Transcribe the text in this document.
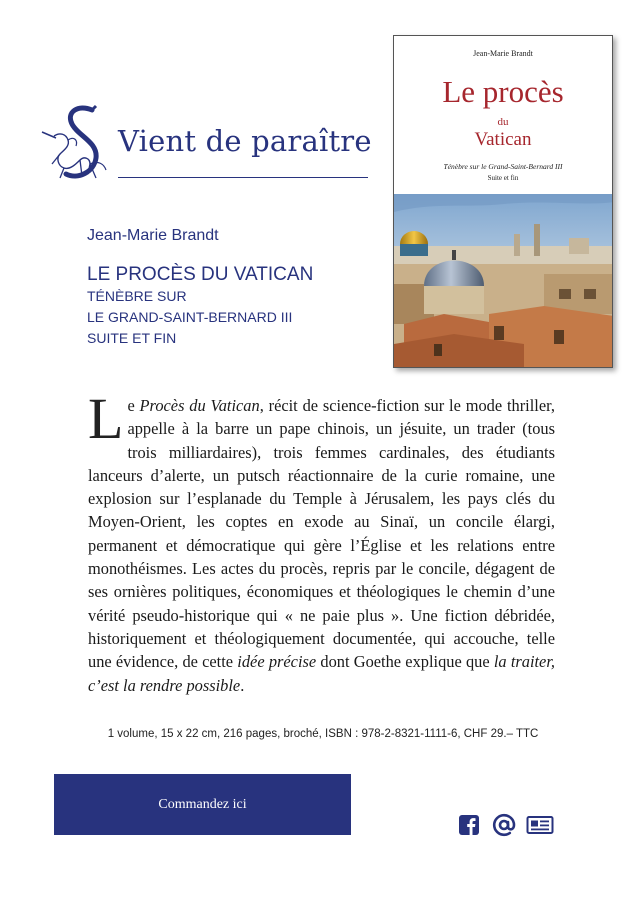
Vient de paraître
Jean-Marie Brandt
LE PROCÈS DU VATICAN
TÉNÈBRE SUR
LE GRAND-SAINT-BERNARD III
SUITE ET FIN
Jean-Marie Brandt
Le procès
du
Vatican
Ténèbre sur le Grand-Saint-Bernard III
Suite et fin
L e Procès du Vatican, récit de science-fiction sur le mode thriller, appelle à la barre un pape chinois, un jésuite, un trader (tous trois milliardaires), trois femmes cardinales, des étudiants lanceurs d’alerte, un putsch réactionnaire de la curie romaine, une explosion sur l’esplanade du Temple à Jérusalem, les pays clés du Moyen-Orient, les coptes en exode au Sinaï, un concile élargi, permanent et démocratique qui gère l’Église et les relations entre monothéismes. Les actes du procès, repris par le concile, dégagent de ses ornières politiques, économiques et théologiques le chemin d’une vérité pseudo-historique qui « ne paie plus ». Une fiction débridée, historiquement et théologiquement documentée, qui accouche, telle une évidence, de cette idée précise dont Goethe explique que la traiter, c’est la rendre possible.
1 volume, 15 x 22 cm, 216 pages, broché, ISBN : 978-2-8321-1111-6, CHF 29.– TTC
Commandez ici
